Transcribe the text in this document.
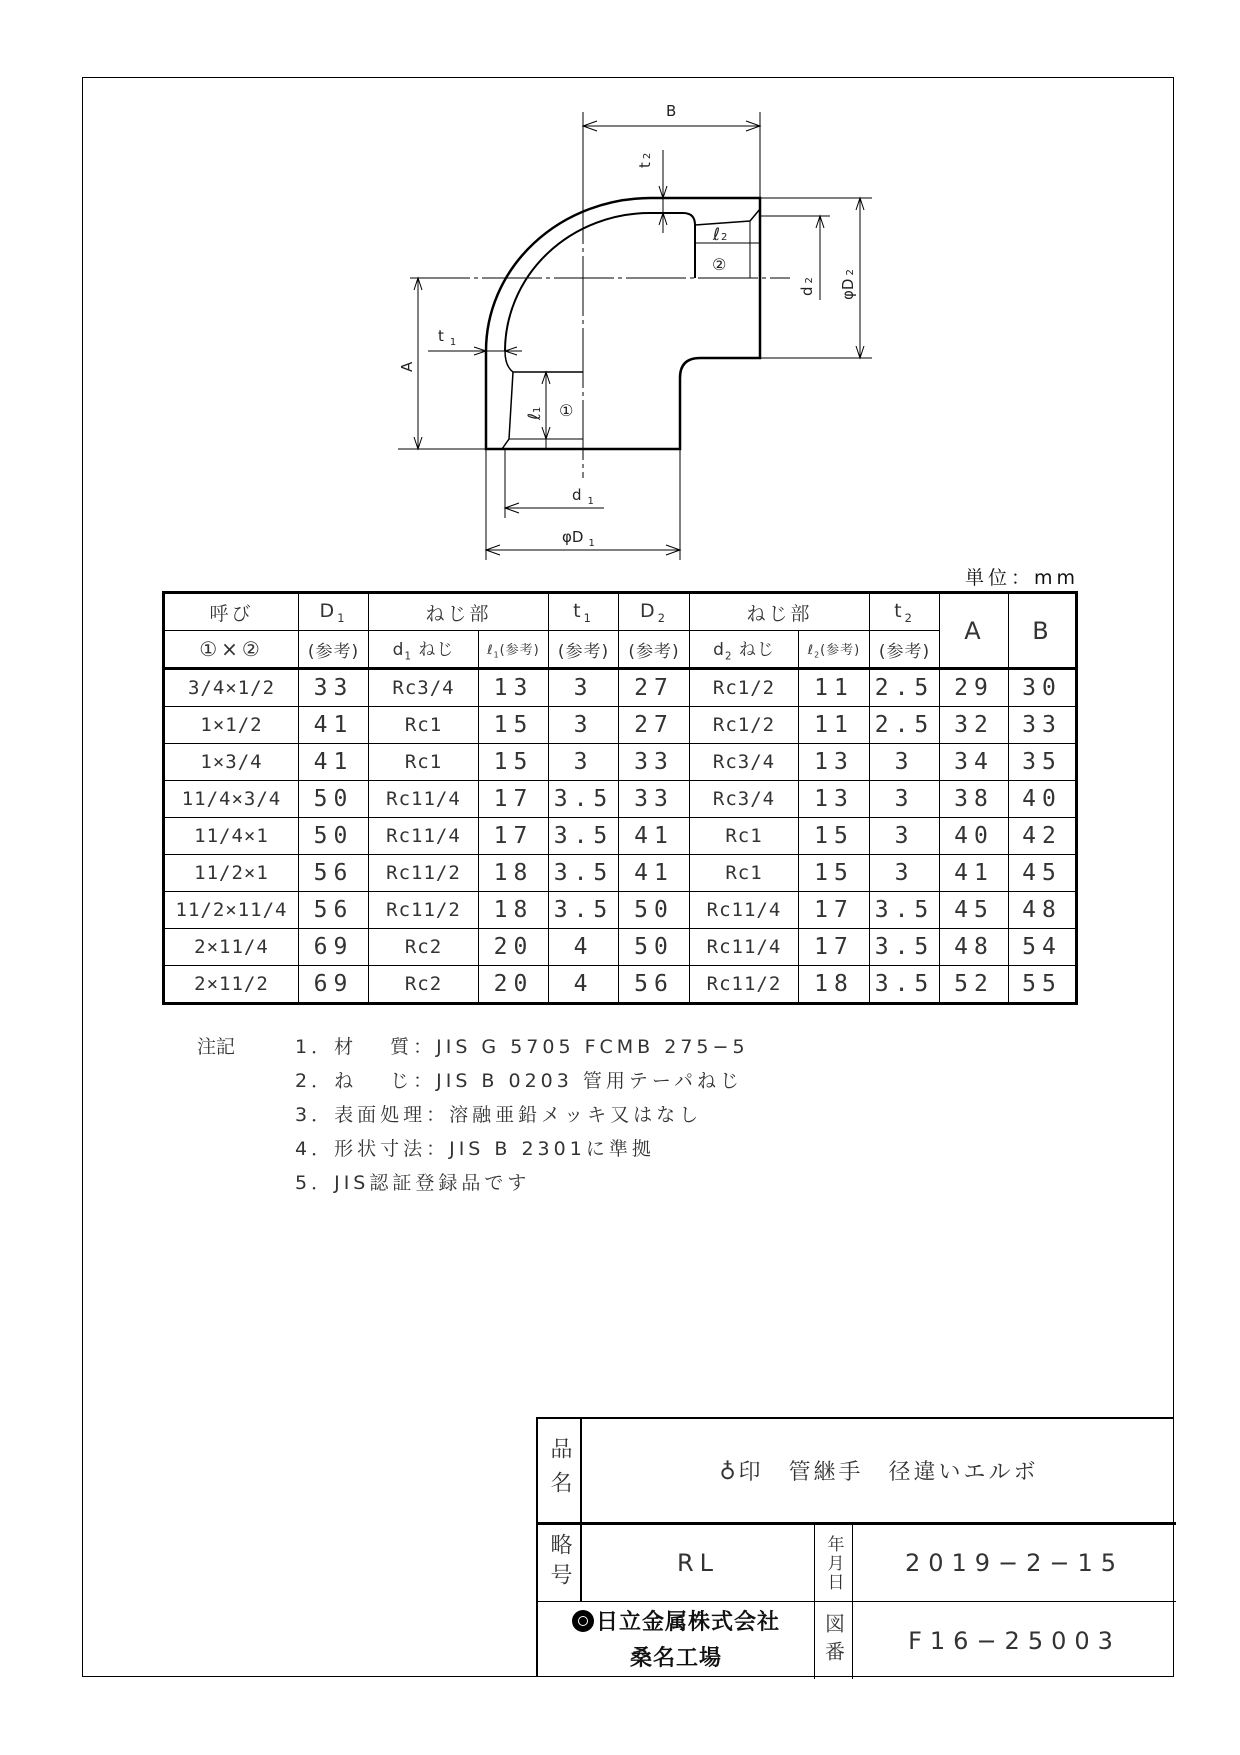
B
t2
ℓ2
②
d2 φD2
A
t $_1$
ℓ1 ①
d $_1$
φD $_1$
単位：mm
呼び	$D_1$	ねじ部		$t_1$	$D_2$	ねじ部		$t_2$	A	B
①×②	(参考)	$d_1$ ねじ	ℓ$_1$(参考)	(参考)	(参考)	$d_2$ ねじ	ℓ$_2$(参考)	(参考)		
3/4×1/2	33	Rc3/4	13	3	27	Rc1/2	11	2.5	29	30
1×1/2	41	Rc1	15	3	27	Rc1/2	11	2.5	32	33
1×3/4	41	Rc1	15	3	33	Rc3/4	13	3	34	35
11/4×3/4	50	Rc11/4	17	3.5	33	Rc3/4	13	3	38	40
11/4×1	50	Rc11/4	17	3.5	41	Rc1	15	3	40	42
11/2×1	56	Rc11/2	18	3.5	41	Rc1	15	3	41	45
11/2×11/4	56	Rc11/2	18	3.5	50	Rc11/4	17	3.5	45	48
2×11/4	69	Rc2	20	4	50	Rc11/4	17	3.5	48	54
2×11/2	69	Rc2	20	4	56	Rc11/2	18	3.5	52	55
注記	1．材　 質：JIS G 5705 FCMB 275−5
2．ね　 じ：JIS B 0203 管用テーパねじ
3．表面処理：溶融亜鉛メッキ又はなし
4．形状寸法：JIS B 2301に準拠
5．JIS認証登録品です
品名	♁印　管継手　径違いエルボ
略号	RL	年月日	2019−2−15
日立金属株式会社
桑名工場	図番	F16−25003
